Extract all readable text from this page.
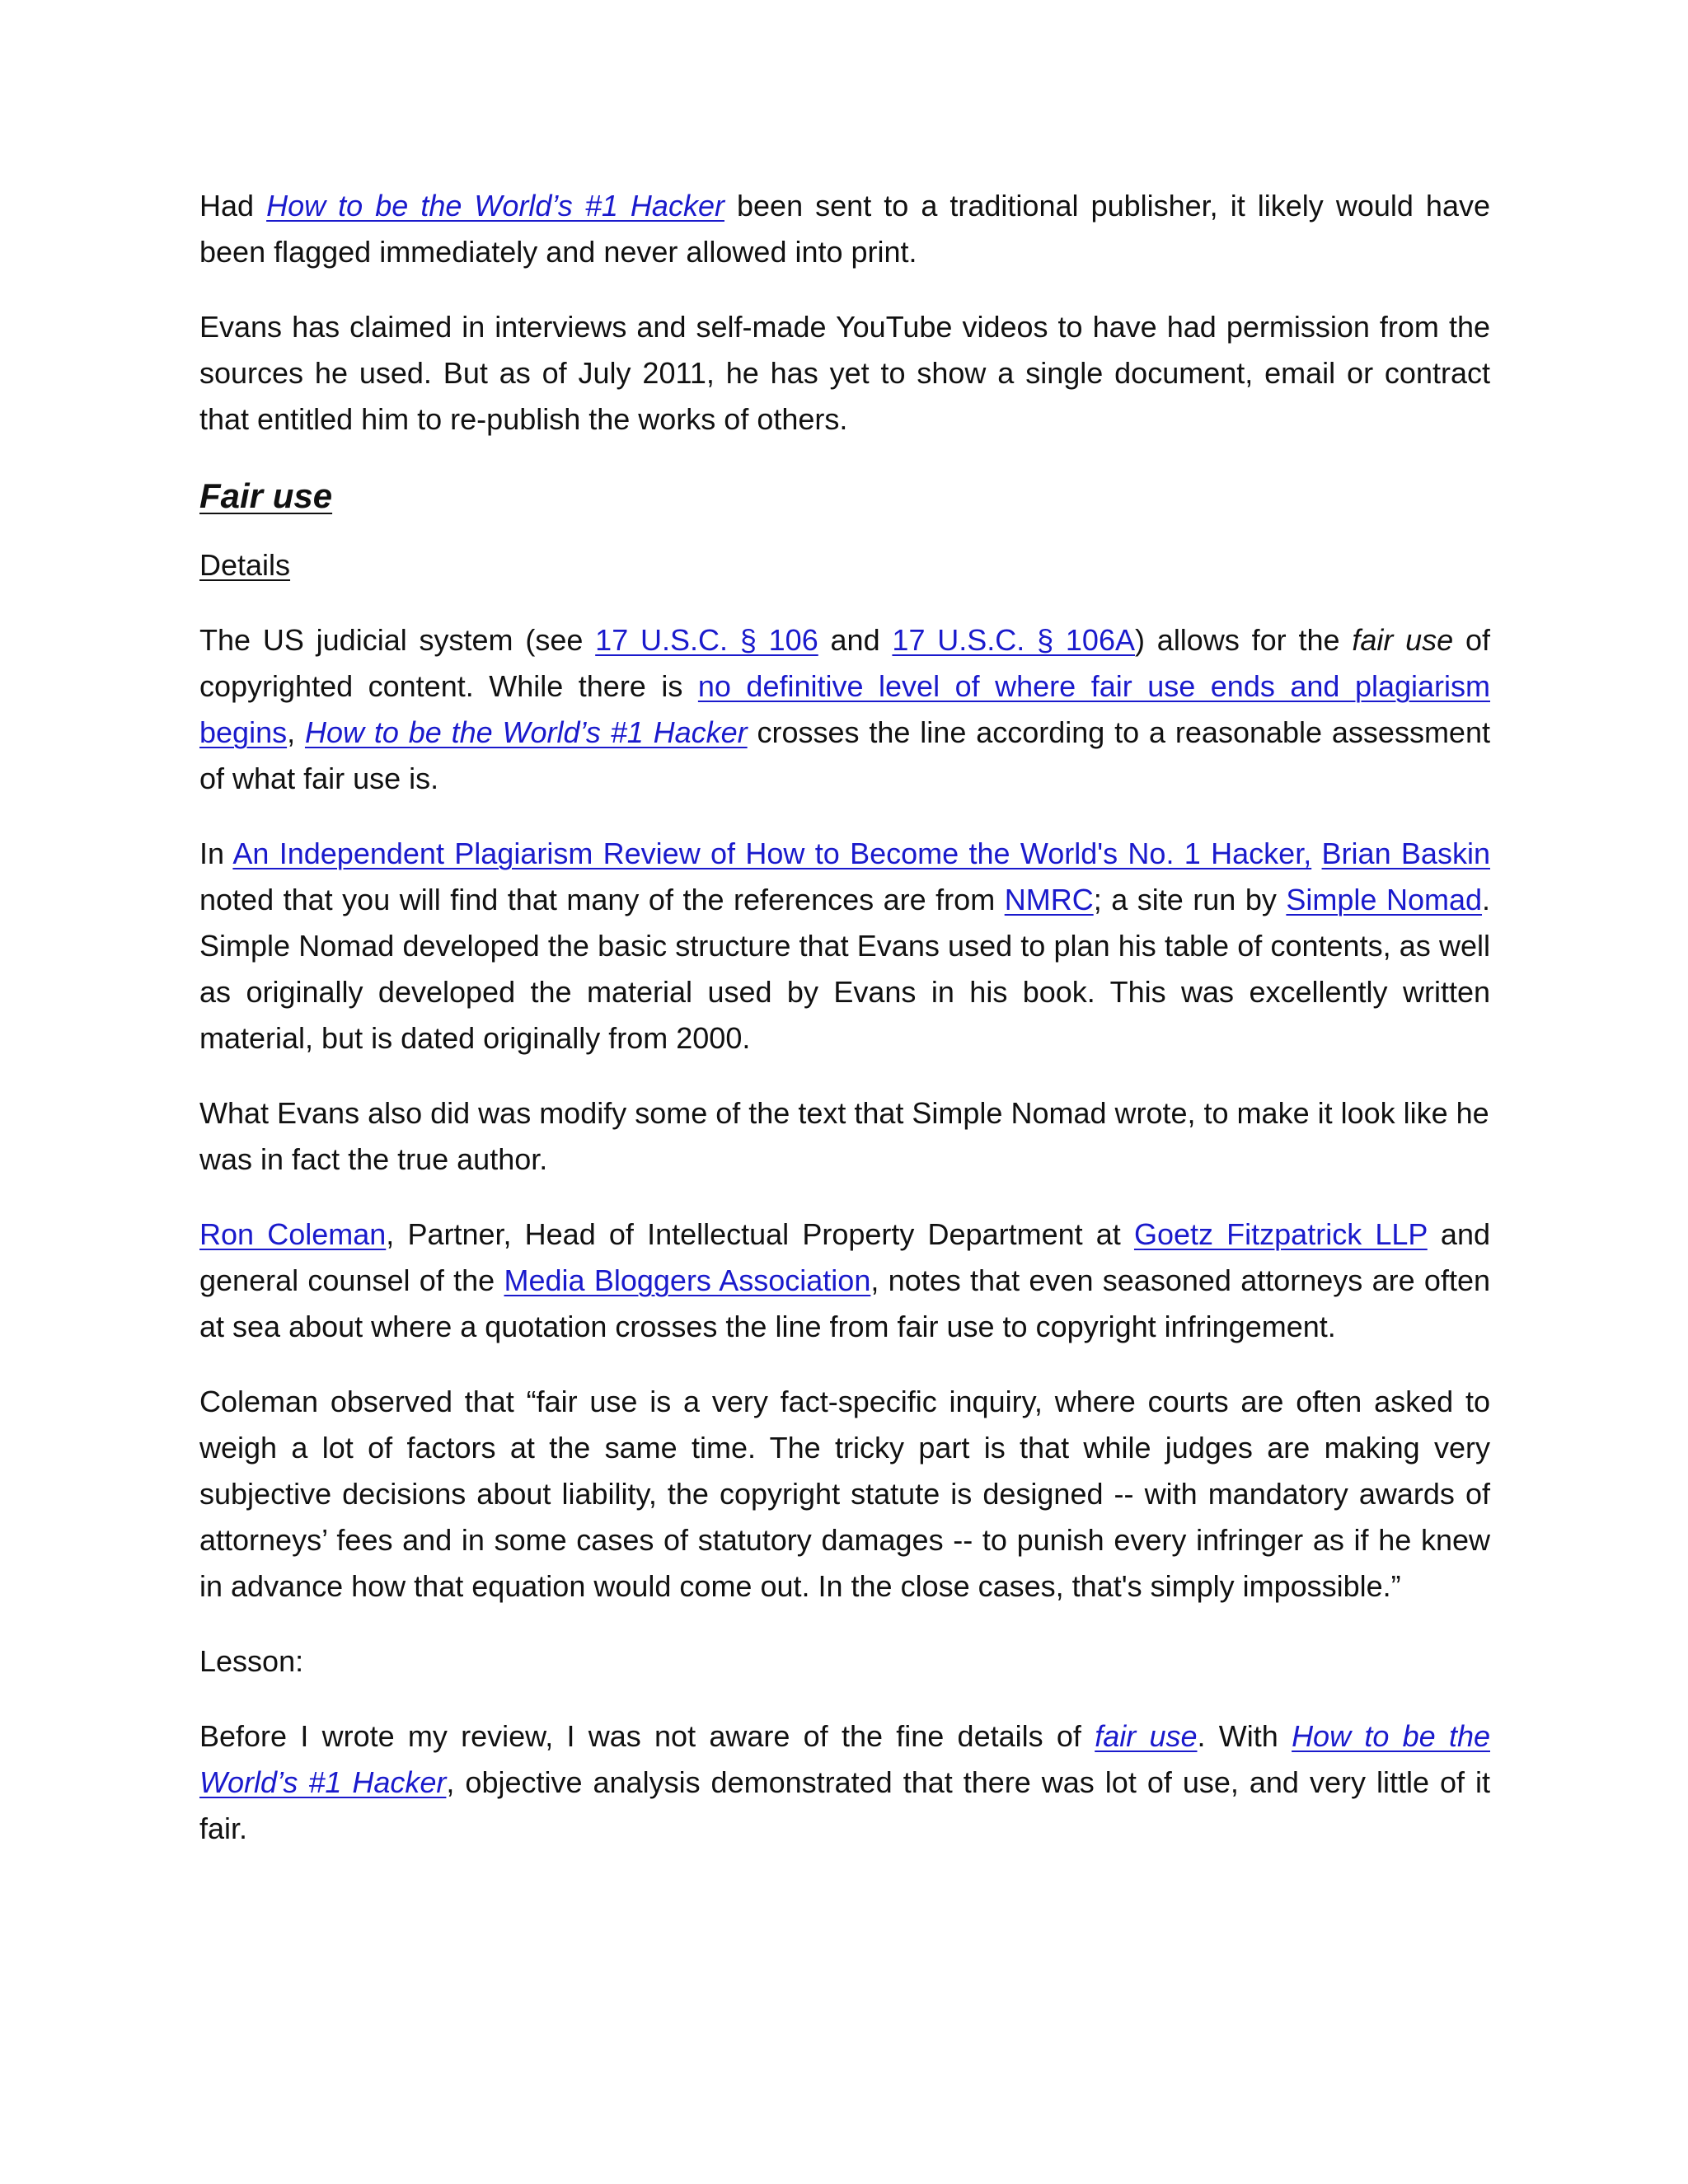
Had How to be the World’s #1 Hacker been sent to a traditional publisher, it likely would have been flagged immediately and never allowed into print.

Evans has claimed in interviews and self-made YouTube videos to have had permission from the sources he used. But as of July 2011, he has yet to show a single document, email or contract that entitled him to re-publish the works of others.

Fair use
Details

The US judicial system (see 17 U.S.C. § 106 and 17 U.S.C. § 106A) allows for the fair use of copyrighted content. While there is no definitive level of where fair use ends and plagiarism begins, How to be the World’s #1 Hacker crosses the line according to a reasonable assessment of what fair use is.

In An Independent Plagiarism Review of How to Become the World's No. 1 Hacker, Brian Baskin noted that you will find that many of the references are from NMRC; a site run by Simple Nomad. Simple Nomad developed the basic structure that Evans used to plan his table of contents, as well as originally developed the material used by Evans in his book. This was excellently written material, but is dated originally from 2000.

What Evans also did was modify some of the text that Simple Nomad wrote, to make it look like he was in fact the true author.

Ron Coleman, Partner, Head of Intellectual Property Department at Goetz Fitzpatrick LLP and general counsel of the Media Bloggers Association, notes that even seasoned attorneys are often at sea about where a quotation crosses the line from fair use to copyright infringement.

Coleman observed that “fair use is a very fact-specific inquiry, where courts are often asked to weigh a lot of factors at the same time. The tricky part is that while judges are making very subjective decisions about liability, the copyright statute is designed -- with mandatory awards of attorneys’ fees and in some cases of statutory damages -- to punish every infringer as if he knew in advance how that equation would come out. In the close cases, that's simply impossible.”

Lesson:

Before I wrote my review, I was not aware of the fine details of fair use. With How to be the World’s #1 Hacker, objective analysis demonstrated that there was lot of use, and very little of it fair.
